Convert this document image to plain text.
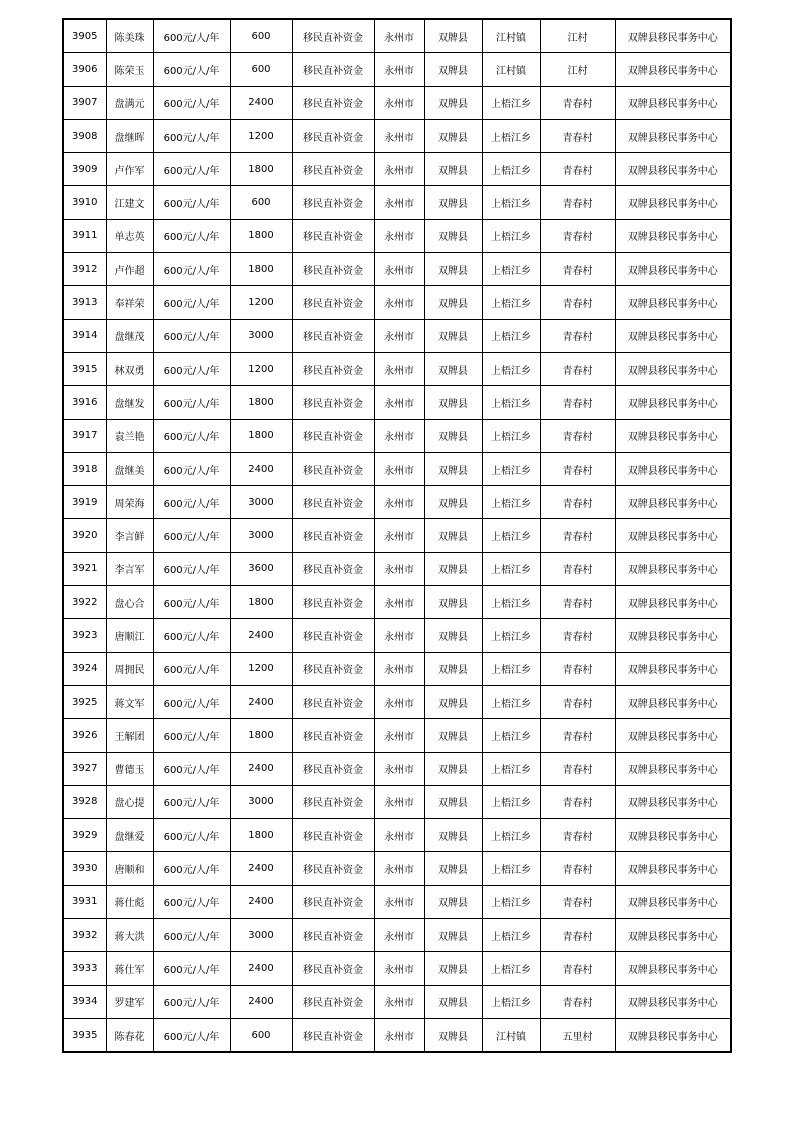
3905	陈美珠	600元/人/年	600	移民直补资金	永州市	双牌县	江村镇	江村	双牌县移民事务中心
3906	陈荣玉	600元/人/年	600	移民直补资金	永州市	双牌县	江村镇	江村	双牌县移民事务中心
3907	盘满元	600元/人/年	2400	移民直补资金	永州市	双牌县	上梧江乡	青春村	双牌县移民事务中心
3908	盘继晖	600元/人/年	1200	移民直补资金	永州市	双牌县	上梧江乡	青春村	双牌县移民事务中心
3909	卢作军	600元/人/年	1800	移民直补资金	永州市	双牌县	上梧江乡	青春村	双牌县移民事务中心
3910	江建文	600元/人/年	600	移民直补资金	永州市	双牌县	上梧江乡	青春村	双牌县移民事务中心
3911	单志英	600元/人/年	1800	移民直补资金	永州市	双牌县	上梧江乡	青春村	双牌县移民事务中心
3912	卢作超	600元/人/年	1800	移民直补资金	永州市	双牌县	上梧江乡	青春村	双牌县移民事务中心
3913	奉祥荣	600元/人/年	1200	移民直补资金	永州市	双牌县	上梧江乡	青春村	双牌县移民事务中心
3914	盘继茂	600元/人/年	3000	移民直补资金	永州市	双牌县	上梧江乡	青春村	双牌县移民事务中心
3915	林双勇	600元/人/年	1200	移民直补资金	永州市	双牌县	上梧江乡	青春村	双牌县移民事务中心
3916	盘继发	600元/人/年	1800	移民直补资金	永州市	双牌县	上梧江乡	青春村	双牌县移民事务中心
3917	袁兰艳	600元/人/年	1800	移民直补资金	永州市	双牌县	上梧江乡	青春村	双牌县移民事务中心
3918	盘继美	600元/人/年	2400	移民直补资金	永州市	双牌县	上梧江乡	青春村	双牌县移民事务中心
3919	周荣海	600元/人/年	3000	移民直补资金	永州市	双牌县	上梧江乡	青春村	双牌县移民事务中心
3920	李言鲜	600元/人/年	3000	移民直补资金	永州市	双牌县	上梧江乡	青春村	双牌县移民事务中心
3921	李言军	600元/人/年	3600	移民直补资金	永州市	双牌县	上梧江乡	青春村	双牌县移民事务中心
3922	盘心合	600元/人/年	1800	移民直补资金	永州市	双牌县	上梧江乡	青春村	双牌县移民事务中心
3923	唐顺江	600元/人/年	2400	移民直补资金	永州市	双牌县	上梧江乡	青春村	双牌县移民事务中心
3924	周拥民	600元/人/年	1200	移民直补资金	永州市	双牌县	上梧江乡	青春村	双牌县移民事务中心
3925	蒋文军	600元/人/年	2400	移民直补资金	永州市	双牌县	上梧江乡	青春村	双牌县移民事务中心
3926	王解团	600元/人/年	1800	移民直补资金	永州市	双牌县	上梧江乡	青春村	双牌县移民事务中心
3927	曹德玉	600元/人/年	2400	移民直补资金	永州市	双牌县	上梧江乡	青春村	双牌县移民事务中心
3928	盘心提	600元/人/年	3000	移民直补资金	永州市	双牌县	上梧江乡	青春村	双牌县移民事务中心
3929	盘继爱	600元/人/年	1800	移民直补资金	永州市	双牌县	上梧江乡	青春村	双牌县移民事务中心
3930	唐顺和	600元/人/年	2400	移民直补资金	永州市	双牌县	上梧江乡	青春村	双牌县移民事务中心
3931	蒋仕彪	600元/人/年	2400	移民直补资金	永州市	双牌县	上梧江乡	青春村	双牌县移民事务中心
3932	蒋大洪	600元/人/年	3000	移民直补资金	永州市	双牌县	上梧江乡	青春村	双牌县移民事务中心
3933	蒋仕军	600元/人/年	2400	移民直补资金	永州市	双牌县	上梧江乡	青春村	双牌县移民事务中心
3934	罗建军	600元/人/年	2400	移民直补资金	永州市	双牌县	上梧江乡	青春村	双牌县移民事务中心
3935	陈春花	600元/人/年	600	移民直补资金	永州市	双牌县	江村镇	五里村	双牌县移民事务中心
